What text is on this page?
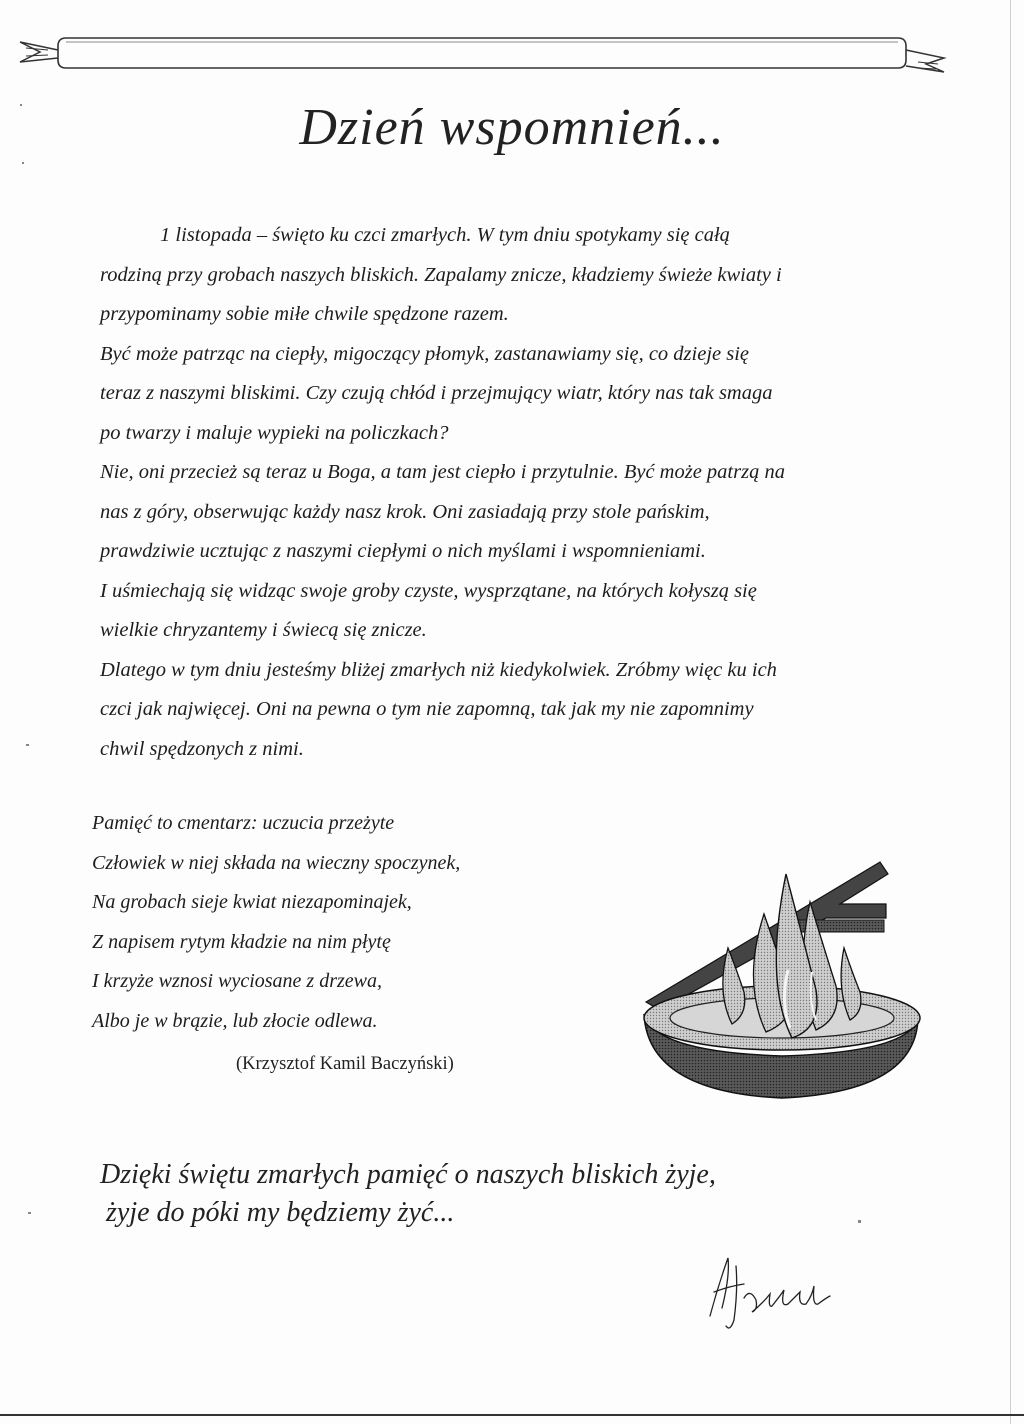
Dzień wspomnień...

1 listopada – święto ku czci zmarłych. W tym dniu spotykamy się całą

rodziną przy grobach naszych bliskich. Zapalamy znicze, kładziemy świeże kwiaty i

przypominamy sobie miłe chwile spędzone razem.

Być może patrząc na ciepły, migoczący płomyk, zastanawiamy się, co dzieje się

teraz z naszymi bliskimi. Czy czują chłód i przejmujący wiatr, który nas tak smaga

po twarzy i maluje wypieki na policzkach?

Nie, oni przecież są teraz u Boga, a tam jest ciepło i przytulnie. Być może patrzą na

nas z góry, obserwując każdy nasz krok. Oni zasiadają przy stole pańskim,

prawdziwie ucztując z naszymi ciepłymi o nich myślami i wspomnieniami.

I uśmiechają się widząc swoje groby czyste, wysprzątane, na których kołyszą się

wielkie chryzantemy i świecą się znicze.

Dlatego w tym dniu jesteśmy bliżej zmarłych niż kiedykolwiek. Zróbmy więc ku ich

czci jak najwięcej. Oni na pewna o tym nie zapomną, tak jak my nie zapomnimy

chwil spędzonych z nimi.

Pamięć to cmentarz: uczucia przeżyte

Człowiek w niej składa na wieczny spoczynek,

Na grobach sieje kwiat niezapominajek,

Z napisem rytym kładzie na nim płytę

I krzyże wznosi wyciosane z drzewa,

Albo je w brązie, lub złocie odlewa.

(Krzysztof Kamil Baczyński)

Dzięki świętu zmarłych pamięć o naszych bliskich żyje,

żyje do póki my będziemy żyć...
